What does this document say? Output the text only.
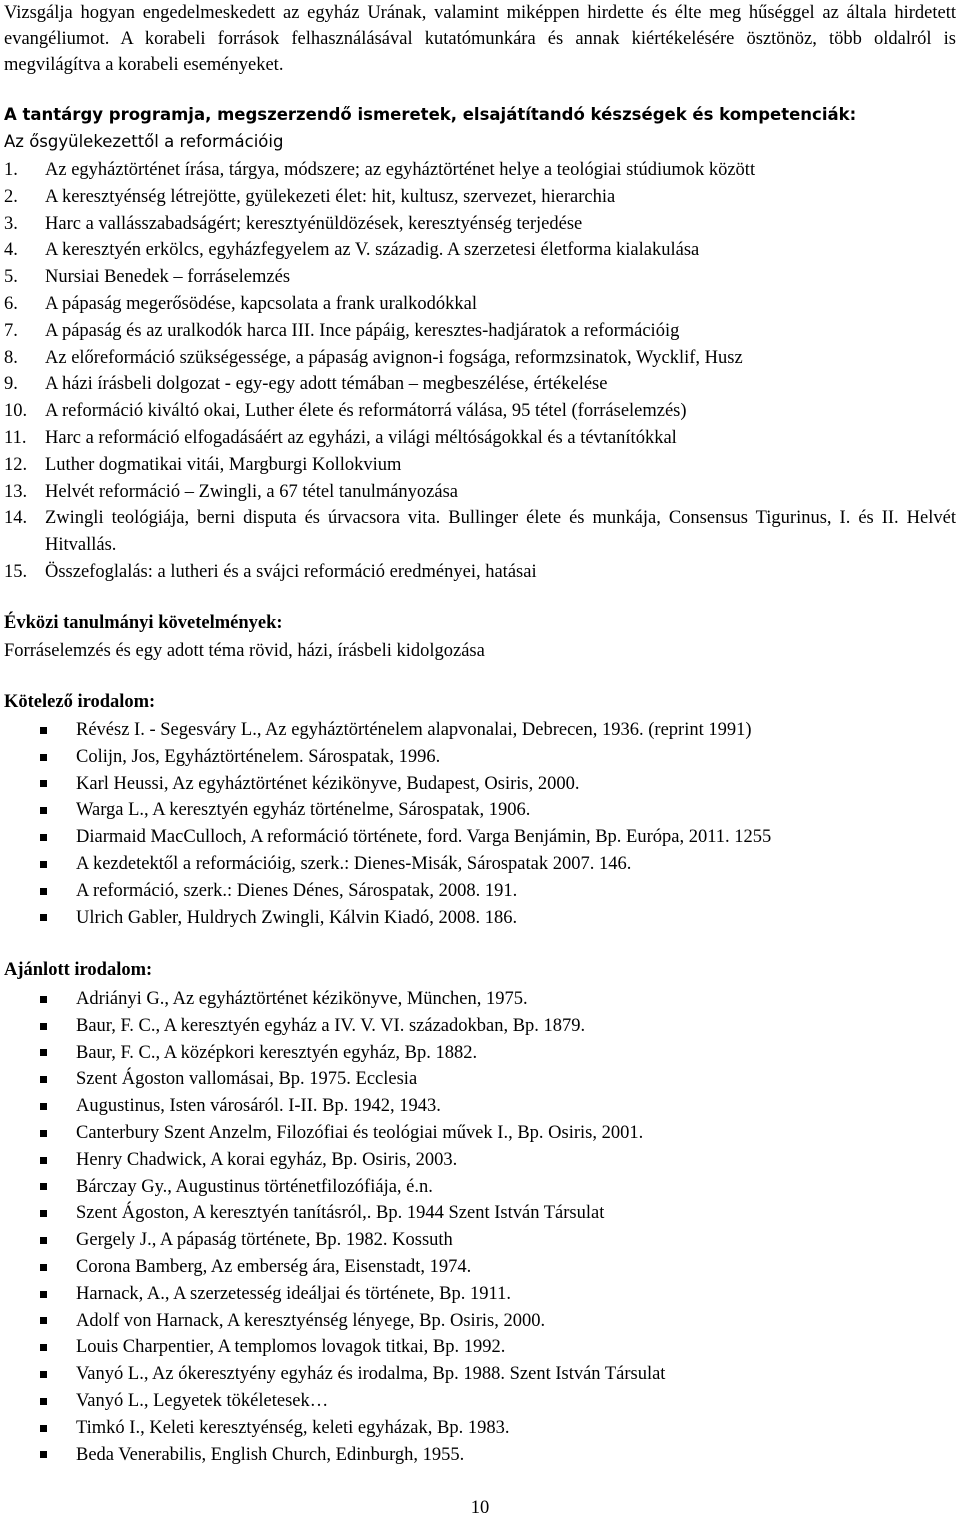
Vizsgálja hogyan engedelmeskedett az egyház Urának, valamint miképpen hirdette és élte meg hűséggel az általa hirdetett evangéliumot. A korabeli források felhasználásával kutatómunkára és annak kiértékelésére ösztönöz, több oldalról is megvilágítva a korabeli eseményeket.

A tantárgy programja, megszerzendő ismeretek, elsajátítandó készségek és kompetenciák:
Az ősgyülekezettől a reformációig
1.	Az egyháztörténet írása, tárgya, módszere; az egyháztörténet helye a teológiai stúdiumok között
2.	A keresztyénség létrejötte, gyülekezeti élet: hit, kultusz, szervezet, hierarchia
3.	Harc a vallásszabadságért; keresztyénüldözések, keresztyénség terjedése
4.	A keresztyén erkölcs, egyházfegyelem az V. századig. A szerzetesi életforma kialakulása
5.	Nursiai Benedek – forráselemzés
6.	A pápaság megerősödése, kapcsolata a frank uralkodókkal
7.	A pápaság és az uralkodók harca III. Ince pápáig, keresztes-hadjáratok a reformációig
8.	Az előreformáció szükségessége, a pápaság avignon-i fogsága, reformzsinatok, Wycklif, Husz
9.	A házi írásbeli dolgozat - egy-egy adott témában – megbeszélése, értékelése
10. A reformáció kiváltó okai, Luther élete és reformátorrá válása, 95 tétel (forráselemzés)
11.	Harc a reformáció elfogadásáért az egyházi, a világi méltóságokkal és a tévtanítókkal
12. Luther dogmatikai vitái, Margburgi Kollokvium
13. Helvét reformáció – Zwingli, a 67 tétel tanulmányozása
14. Zwingli teológiája, berni disputa és úrvacsora vita. Bullinger élete és munkája, Consensus Tigurinus, I. és II. Helvét Hitvallás.
15. Összefoglalás: a lutheri és a svájci reformáció eredményei, hatásai
Évközi tanulmányi követelmények:
Forráselemzés és egy adott téma rövid, házi, írásbeli kidolgozása
Kötelező irodalom:
Révész I. - Segesváry L., Az egyháztörténelem alapvonalai, Debrecen, 1936. (reprint 1991)
Colijn, Jos, Egyháztörténelem. Sárospatak, 1996.
Karl Heussi, Az egyháztörténet kézikönyve, Budapest, Osiris, 2000.
Warga L., A keresztyén egyház történelme, Sárospatak, 1906.
Diarmaid MacCulloch, A reformáció története, ford. Varga Benjámin, Bp. Európa, 2011. 1255
A kezdetektől a reformációig, szerk.: Dienes-Misák, Sárospatak 2007. 146.
A reformáció, szerk.: Dienes Dénes, Sárospatak, 2008. 191.
Ulrich Gabler, Huldrych Zwingli, Kálvin Kiadó, 2008. 186.
Ajánlott irodalom:
Adriányi G., Az egyháztörténet kézikönyve, München, 1975.
Baur, F. C., A keresztyén egyház a IV. V. VI. századokban, Bp. 1879.
Baur, F. C., A középkori keresztyén egyház, Bp. 1882.
Szent Ágoston vallomásai, Bp. 1975. Ecclesia
Augustinus, Isten városáról. I-II. Bp. 1942, 1943.
Canterbury Szent Anzelm, Filozófiai és teológiai művek I., Bp. Osiris, 2001.
Henry Chadwick, A korai egyház, Bp. Osiris, 2003.
Bárczay Gy., Augustinus történetfilozófiája, é.n.
Szent Ágoston, A keresztyén tanításról,. Bp. 1944 Szent István Társulat
Gergely J., A pápaság története, Bp. 1982. Kossuth
Corona Bamberg, Az emberség ára, Eisenstadt, 1974.
Harnack, A., A szerzetesség ideáljai és története, Bp. 1911.
Adolf von Harnack, A keresztyénség lényege, Bp. Osiris, 2000.
Louis Charpentier, A templomos lovagok titkai, Bp. 1992.
Vanyó L., Az ókeresztyény egyház és irodalma, Bp. 1988. Szent István Társulat
Vanyó L., Legyetek tökéletesek…
Timkó I., Keleti keresztyénség, keleti egyházak, Bp. 1983.
Beda Venerabilis, English Church, Edinburgh, 1955.
10
